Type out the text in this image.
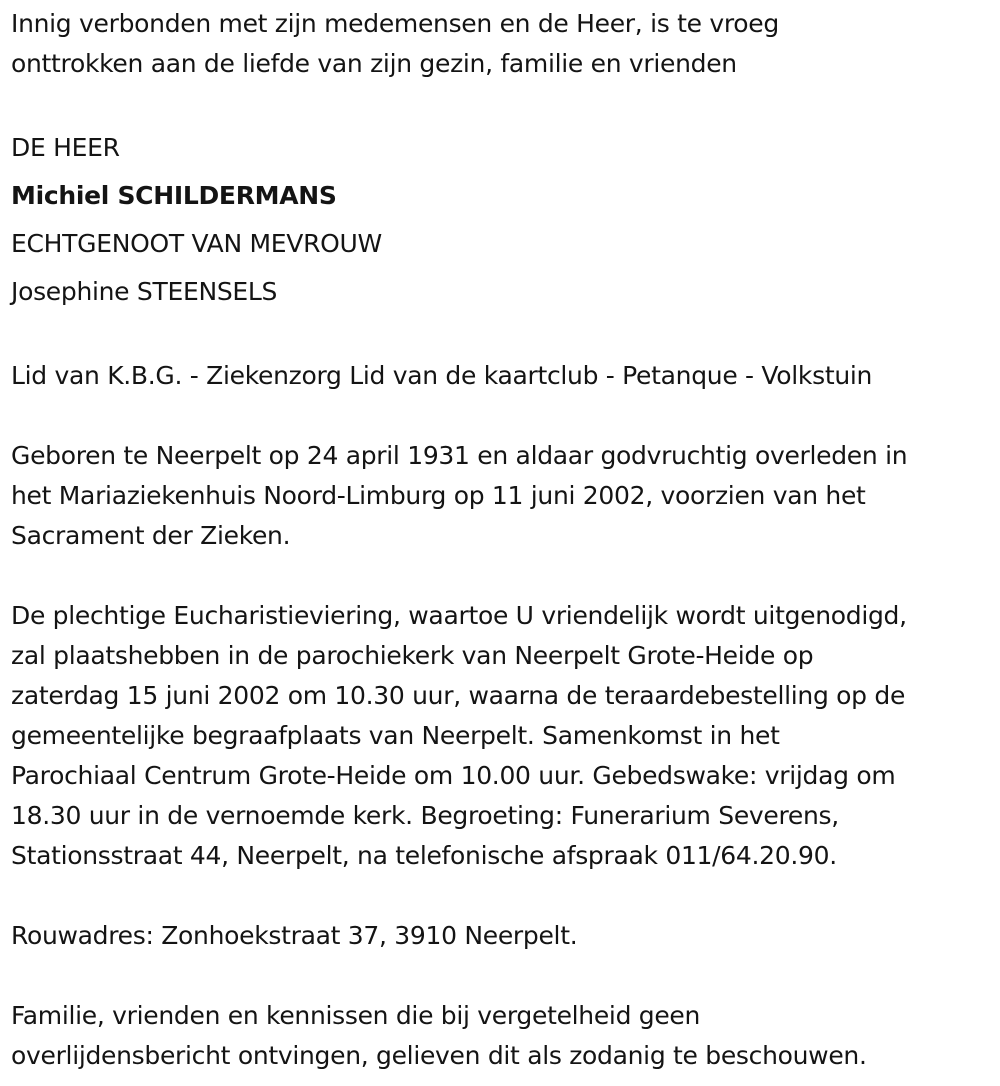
Innig verbonden met zijn medemensen en de Heer, is te vroeg
onttrokken aan de liefde van zijn gezin, familie en vrienden
DE HEER
Michiel SCHILDERMANS
ECHTGENOOT VAN MEVROUW
Josephine STEENSELS
Lid van K.B.G. - Ziekenzorg Lid van de kaartclub - Petanque - Volkstuin
Geboren te Neerpelt op 24 april 1931 en aldaar godvruchtig overleden in
het Mariaziekenhuis Noord-Limburg op 11 juni 2002, voorzien van het
Sacrament der Zieken.
De plechtige Eucharistieviering, waartoe U vriendelijk wordt uitgenodigd,
zal plaatshebben in de parochiekerk van Neerpelt Grote-Heide op
zaterdag 15 juni 2002 om 10.30 uur, waarna de teraardebestelling op de
gemeentelijke begraafplaats van Neerpelt. Samenkomst in het
Parochiaal Centrum Grote-Heide om 10.00 uur. Gebedswake: vrijdag om
18.30 uur in de vernoemde kerk. Begroeting: Funerarium Severens,
Stationsstraat 44, Neerpelt, na telefonische afspraak 011/64.20.90.
Rouwadres: Zonhoekstraat 37, 3910 Neerpelt.
Familie, vrienden en kennissen die bij vergetelheid geen
overlijdensbericht ontvingen, gelieven dit als zodanig te beschouwen.
